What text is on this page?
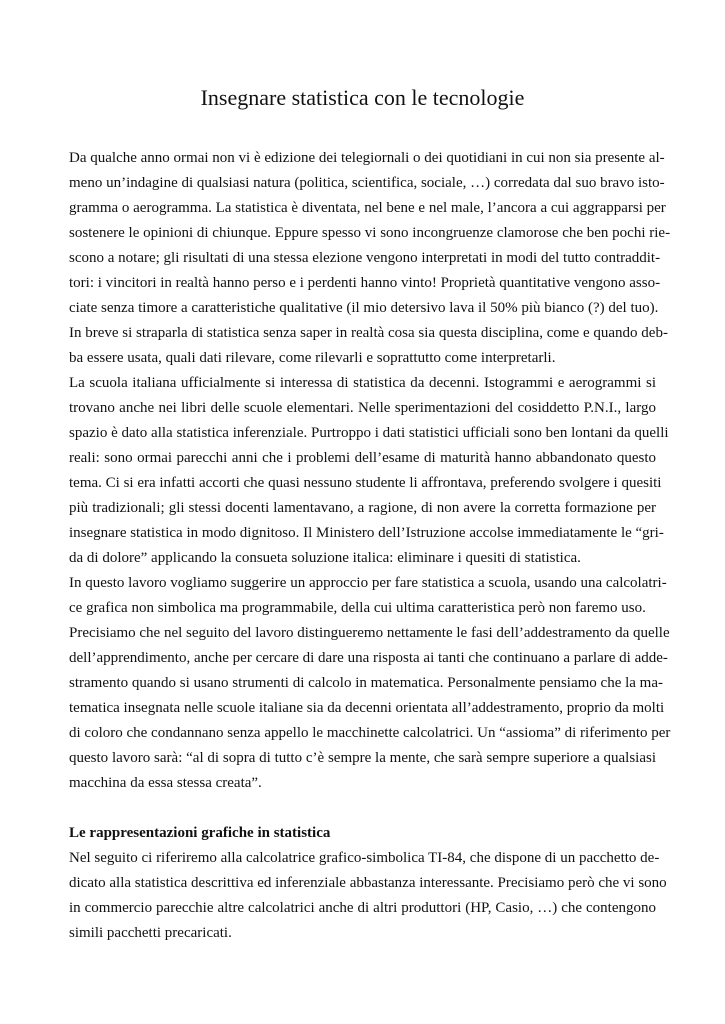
Insegnare statistica con le tecnologie
Da qualche anno ormai non vi è edizione dei telegiornali o dei quotidiani in cui non sia presente al-
meno un’indagine di qualsiasi natura (politica, scientifica, sociale, …) corredata dal suo bravo isto-
gramma o aerogramma. La statistica è diventata, nel bene e nel male, l’ancora a cui aggrapparsi per
sostenere le opinioni di chiunque. Eppure spesso vi sono incongruenze clamorose che ben pochi rie-
scono a notare; gli risultati di una stessa elezione vengono interpretati in modi del tutto contraddit-
tori: i vincitori in realtà hanno perso e i perdenti hanno vinto! Proprietà quantitative vengono asso-
ciate senza timore a caratteristiche qualitative (il mio detersivo lava il 50% più bianco (?) del tuo).
In breve si straparla di statistica senza saper in realtà cosa sia questa disciplina, come e quando deb-
ba essere usata, quali dati rilevare, come rilevarli e soprattutto come interpretarli.
La scuola italiana ufficialmente si interessa di statistica da decenni. Istogrammi e aerogrammi si
trovano anche nei libri delle scuole elementari. Nelle sperimentazioni del cosiddetto P.N.I., largo
spazio è dato alla statistica inferenziale. Purtroppo i dati statistici ufficiali sono ben lontani da quelli
reali: sono ormai parecchi anni che i problemi dell’esame di maturità hanno abbandonato questo
tema. Ci si era infatti accorti che quasi nessuno studente li affrontava, preferendo svolgere i quesiti
più tradizionali; gli stessi docenti lamentavano, a ragione, di non avere la corretta formazione per
insegnare statistica in modo dignitoso. Il Ministero dell’Istruzione accolse immediatamente le “gri-
da di dolore” applicando la consueta soluzione italica: eliminare i quesiti di statistica.
In questo lavoro vogliamo suggerire un approccio per fare statistica a scuola, usando una calcolatri-
ce grafica non simbolica ma programmabile, della cui ultima caratteristica però non faremo uso.
Precisiamo che nel seguito del lavoro distingueremo nettamente le fasi dell’addestramento da quelle
dell’apprendimento, anche per cercare di dare una risposta ai tanti che continuano a parlare di adde-
stramento quando si usano strumenti di calcolo in matematica. Personalmente pensiamo che la ma-
tematica insegnata nelle scuole italiane sia da decenni orientata all’addestramento, proprio da molti
di coloro che condannano senza appello le macchinette calcolatrici. Un “assioma” di riferimento per
questo lavoro sarà: “al di sopra di tutto c’è sempre la mente, che sarà sempre superiore a qualsiasi
macchina da essa stessa creata”.
Le rappresentazioni grafiche in statistica
Nel seguito ci riferiremo alla calcolatrice grafico-simbolica TI-84, che dispone di un pacchetto de-
dicato alla statistica descrittiva ed inferenziale abbastanza interessante. Precisiamo però che vi sono
in commercio parecchie altre calcolatrici anche di altri produttori (HP, Casio, …) che contengono
simili pacchetti precaricati.
